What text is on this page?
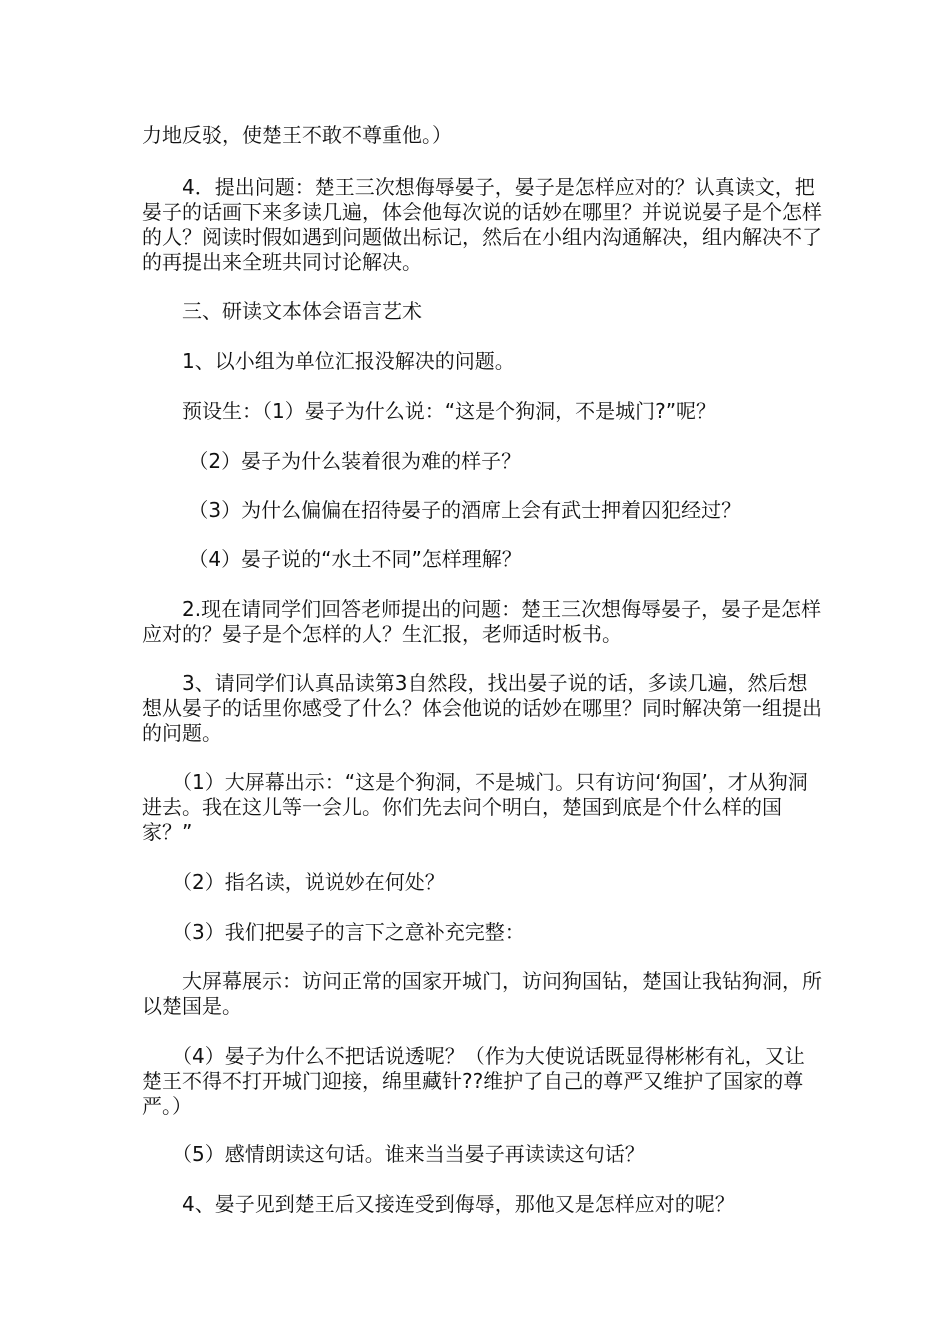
力地反驳，使楚王不敢不尊重他。）

　　4．提出问题：楚王三次想侮辱晏子，晏子是怎样应对的？认真读文，把晏子的话画下来多读几遍，体会他每次说的话妙在哪里？并说说晏子是个怎样的人？阅读时假如遇到问题做出标记，然后在小组内沟通解决，组内解决不了的再提出来全班共同讨论解决。

　　三、研读文本体会语言艺术

　　1、以小组为单位汇报没解决的问题。

　　预设生：（1）晏子为什么说：“这是个狗洞，不是城门?”呢？

　　 （2）晏子为什么装着很为难的样子？

　　 （3）为什么偏偏在招待晏子的酒席上会有武士押着囚犯经过？

　　 （4）晏子说的“水土不同”怎样理解？

　　2.现在请同学们回答老师提出的问题：楚王三次想侮辱晏子，晏子是怎样应对的？晏子是个怎样的人？生汇报，老师适时板书。

　　3、请同学们认真品读第3自然段，找出晏子说的话，多读几遍，然后想想从晏子的话里你感受了什么？体会他说的话妙在哪里？同时解决第一组提出的问题。

　　（1）大屏幕出示：“这是个狗洞，不是城门。只有访问‘狗国’，才从狗洞进去。我在这儿等一会儿。你们先去问个明白，楚国到底是个什么样的国家？”

　　（2）指名读，说说妙在何处？

　　（3）我们把晏子的言下之意补充完整：

　　大屏幕展示：访问正常的国家开城门，访问狗国钻，楚国让我钻狗洞，所以楚国是。

　　（4）晏子为什么不把话说透呢？（作为大使说话既显得彬彬有礼，又让楚王不得不打开城门迎接，绵里藏针??维护了自己的尊严又维护了国家的尊严。）

　　（5）感情朗读这句话。谁来当当晏子再读读这句话？

　　4、晏子见到楚王后又接连受到侮辱，那他又是怎样应对的呢？
